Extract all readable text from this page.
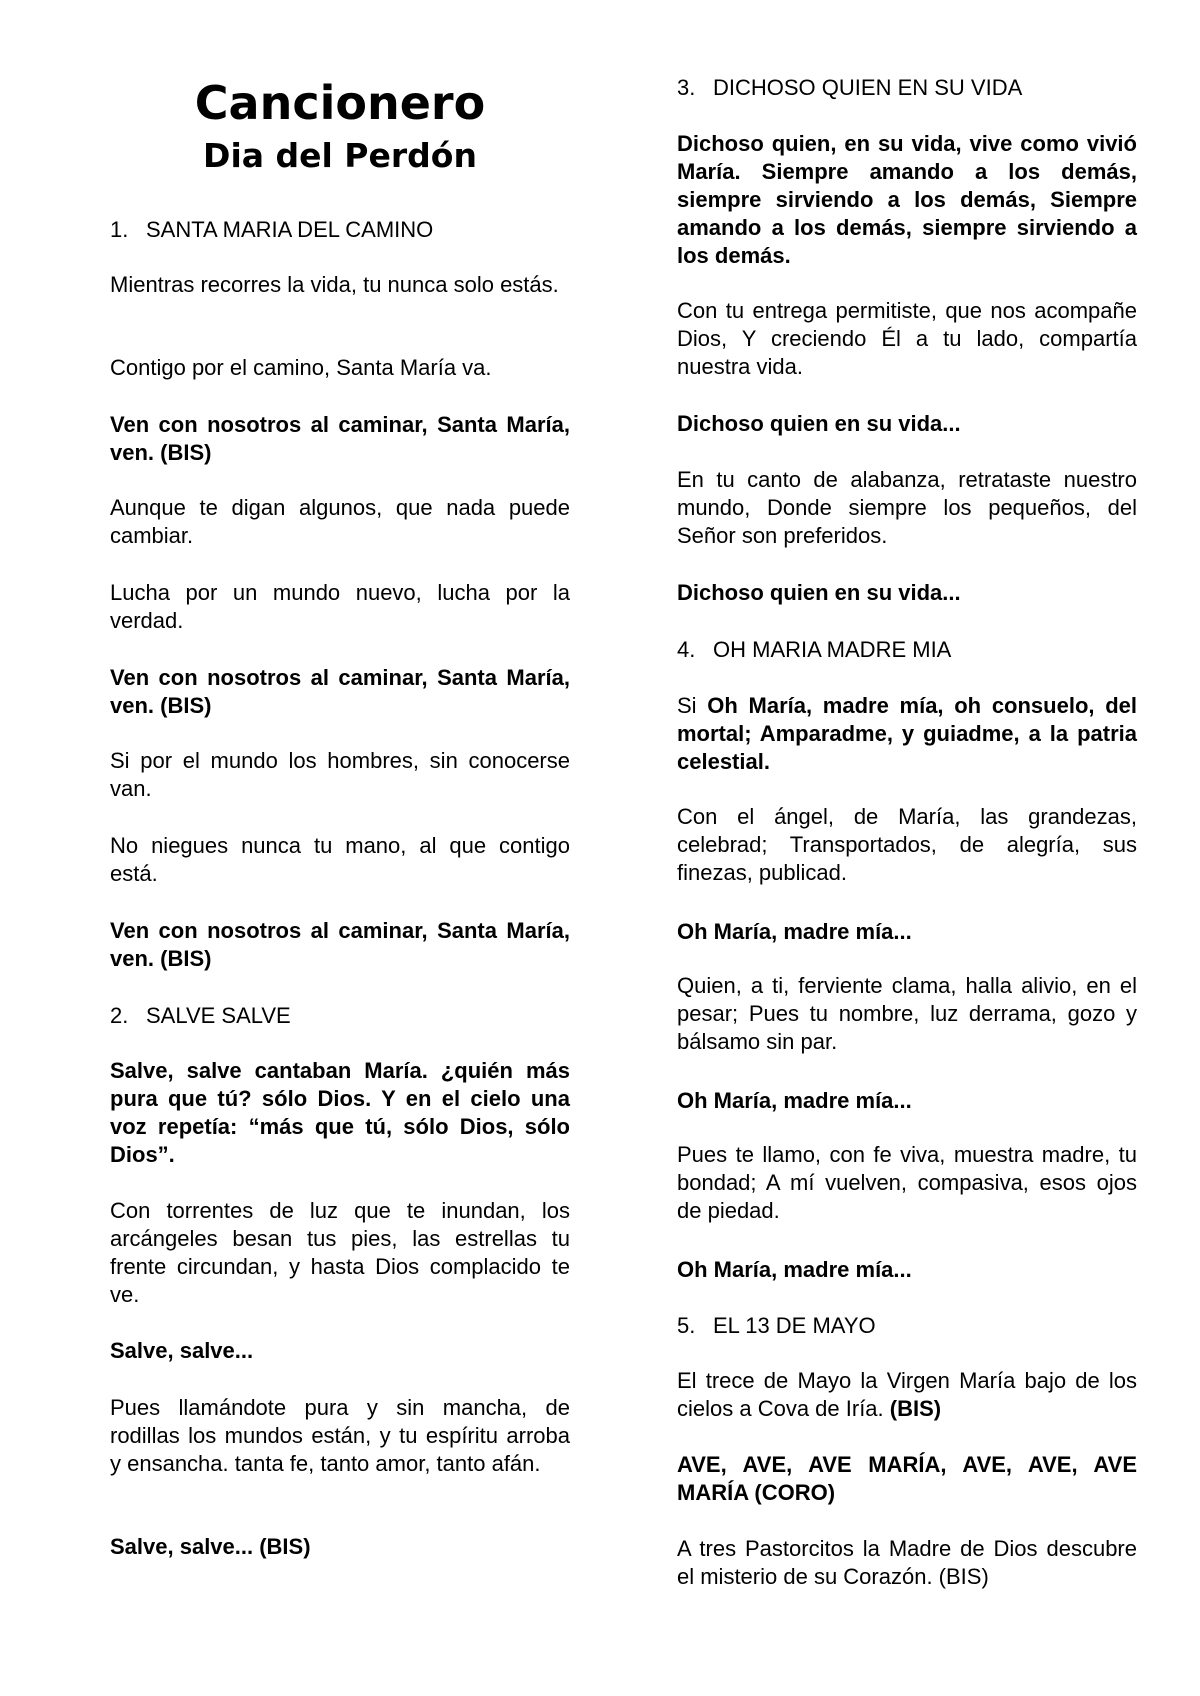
Cancionero
Dia del Perdón
1. SANTA MARIA DEL CAMINO

Mientras recorres la vida, tu nunca solo estás.

Contigo por el camino, Santa María va.

Ven con nosotros al caminar, Santa María, ven. (BIS)

Aunque te digan algunos, que nada puede cambiar.

Lucha por un mundo nuevo, lucha por la verdad.

Ven con nosotros al caminar, Santa María, ven. (BIS)

Si por el mundo los hombres, sin conocerse van.

No niegues nunca tu mano, al que contigo está.

Ven con nosotros al caminar, Santa María, ven. (BIS)

2. SALVE SALVE

Salve, salve cantaban María. ¿quién más pura que tú? sólo Dios. Y en el cielo una voz repetía: “más que tú, sólo Dios, sólo Dios”.

Con torrentes de luz que te inundan, los arcángeles besan tus pies, las estrellas tu frente circundan, y hasta Dios complacido te ve.

Salve, salve...

Pues llamándote pura y sin mancha, de rodillas los mundos están, y tu espíritu arroba y ensancha. tanta fe, tanto amor, tanto afán.

Salve, salve... (BIS)

3. DICHOSO QUIEN EN SU VIDA

Dichoso quien, en su vida, vive como vivió María. Siempre amando a los demás, siempre sirviendo a los demás, Siempre amando a los demás, siempre sirviendo a los demás.

Con tu entrega permitiste, que nos acompañe Dios, Y creciendo Él a tu lado, compartía nuestra vida.

Dichoso quien en su vida...

En tu canto de alabanza, retrataste nuestro mundo, Donde siempre los pequeños, del Señor son preferidos.

Dichoso quien en su vida...

4. OH MARIA MADRE MIA

Si Oh María, madre mía, oh consuelo, del mortal; Amparadme, y guiadme, a la patria celestial.

Con el ángel, de María, las grandezas, celebrad; Transportados, de alegría, sus finezas, publicad.

Oh María, madre mía...

Quien, a ti, ferviente clama, halla alivio, en el pesar; Pues tu nombre, luz derrama, gozo y bálsamo sin par.

Oh María, madre mía...

Pues te llamo, con fe viva, muestra madre, tu bondad; A mí vuelven, compasiva, esos ojos de piedad.

Oh María, madre mía...

5. EL 13 DE MAYO

El trece de Mayo la Virgen María bajo de los cielos a Cova de Iría. (BIS)

AVE, AVE, AVE MARÍA, AVE, AVE, AVE MARÍA (CORO)

A tres Pastorcitos la Madre de Dios descubre el misterio de su Corazón. (BIS)
